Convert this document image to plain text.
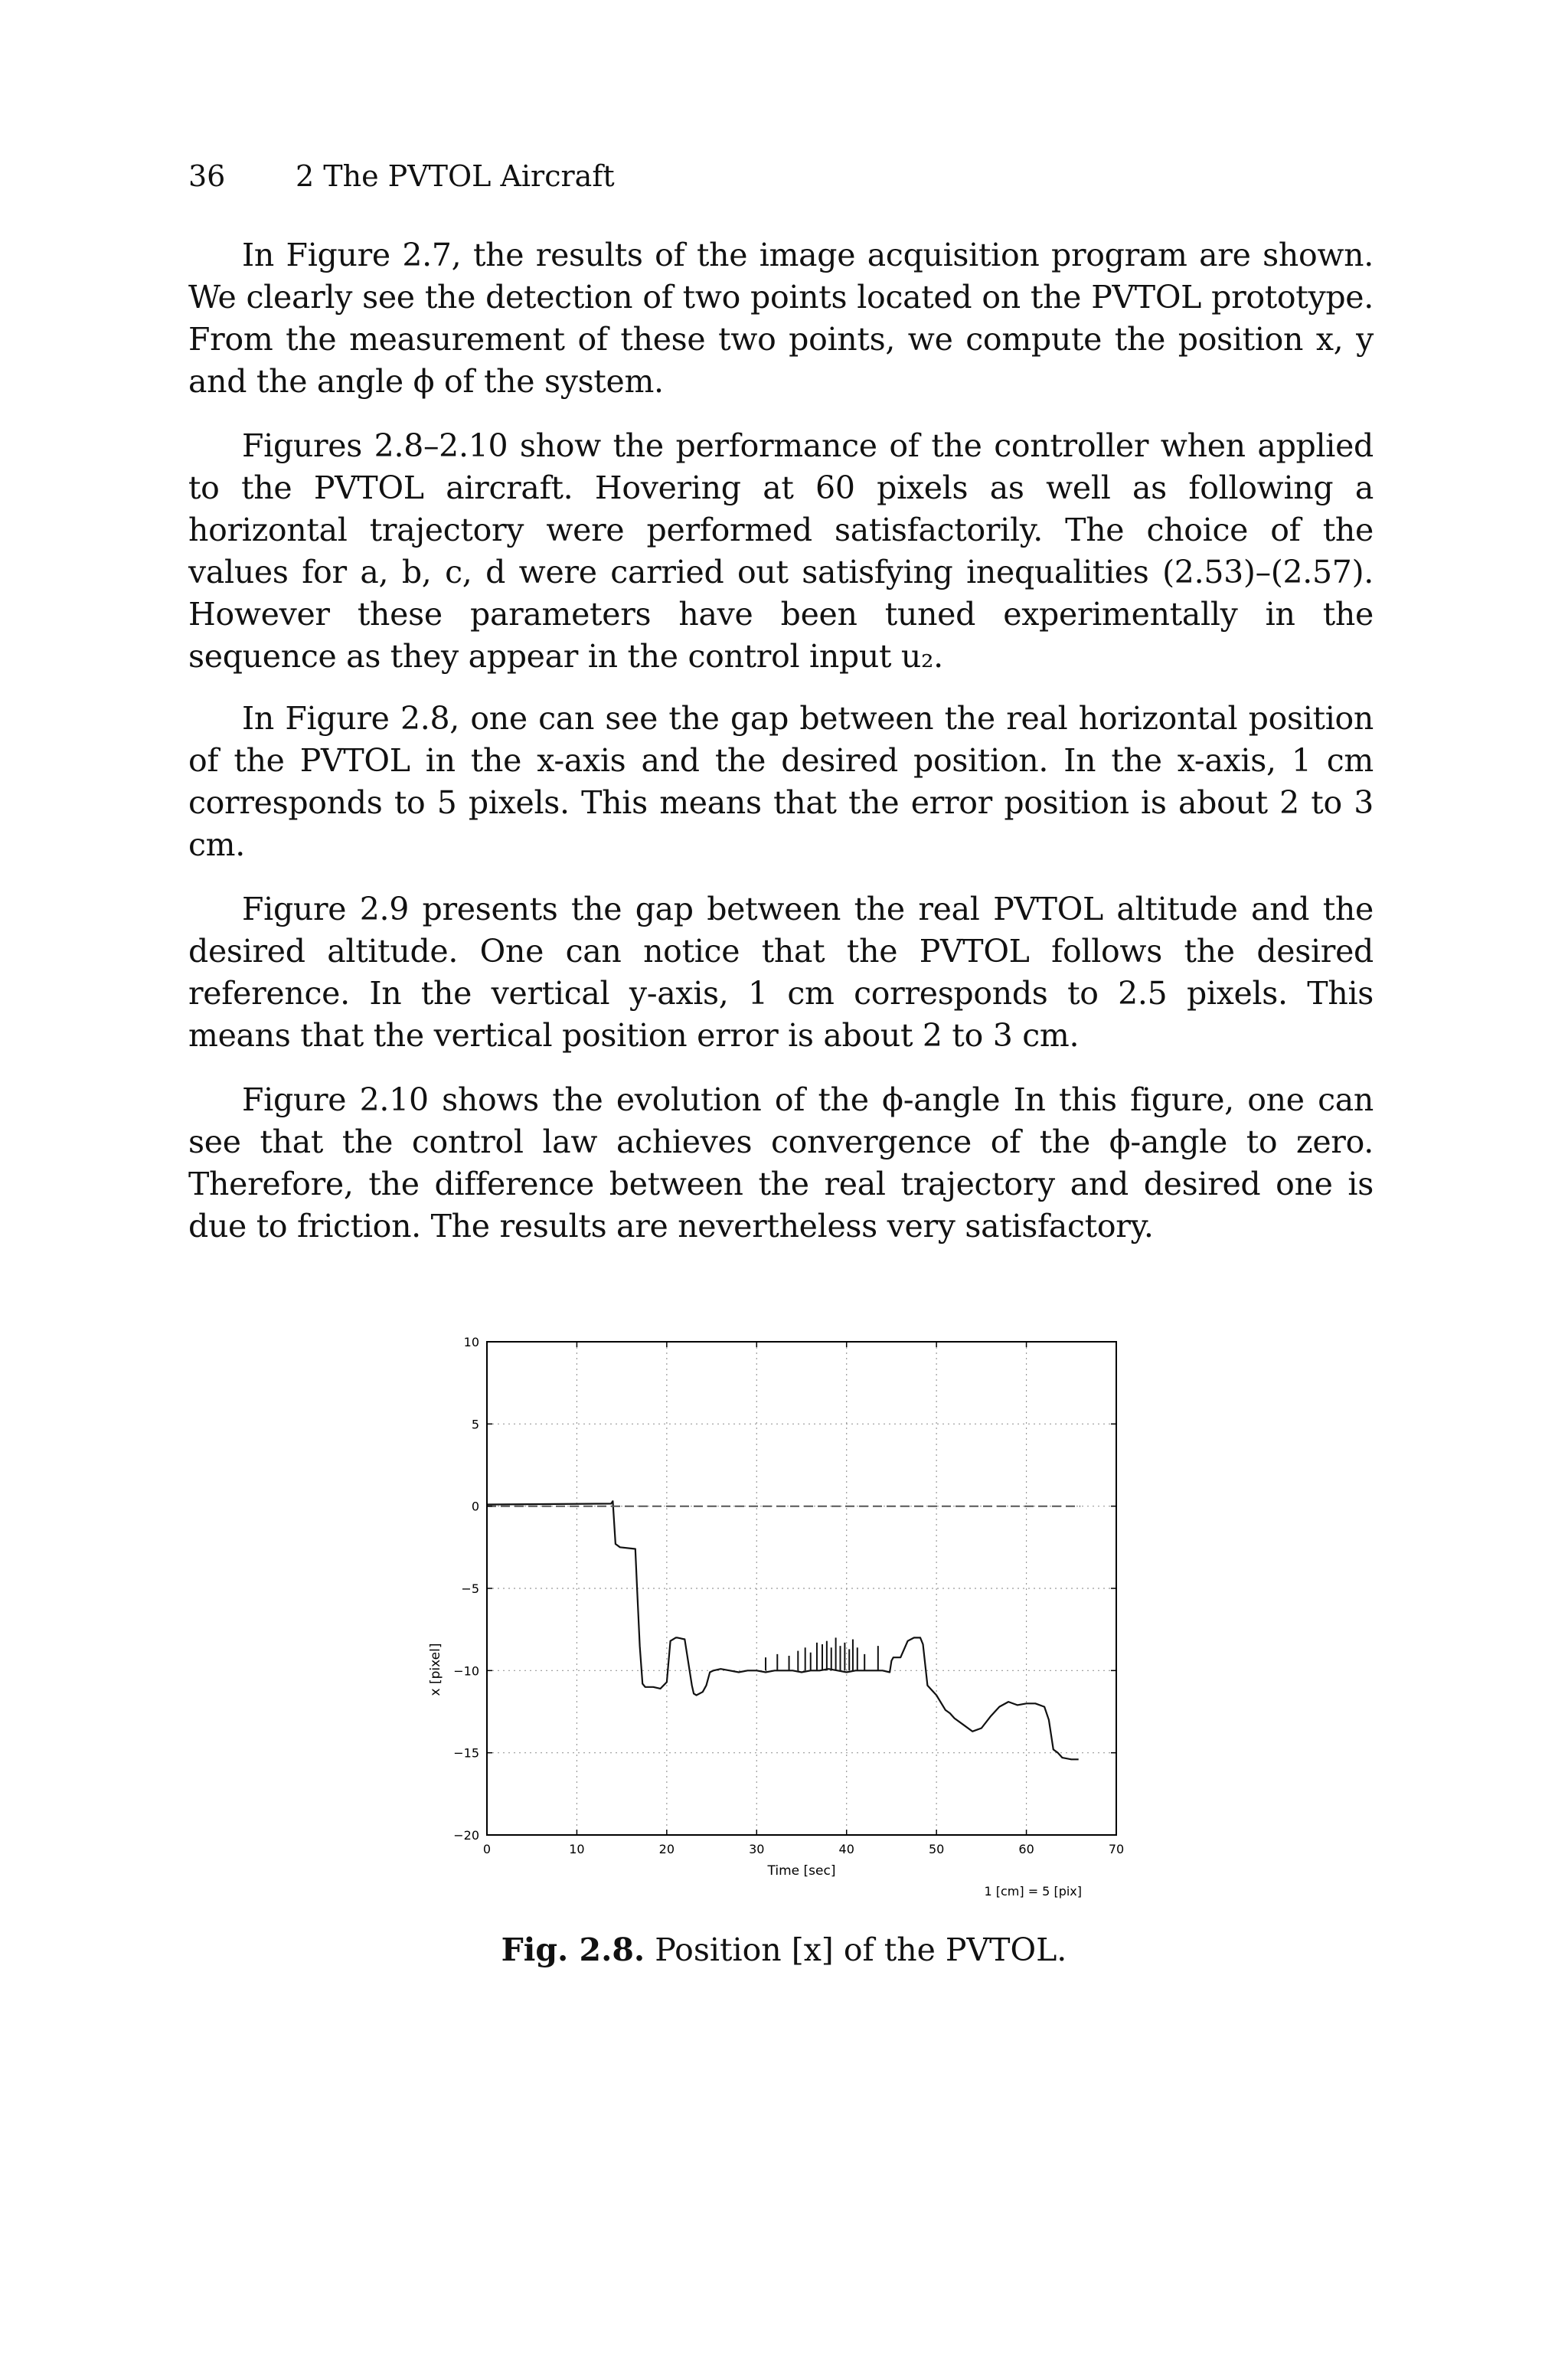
36 2 The PVTOL Aircraft

In Figure 2.7, the results of the image acquisition program are shown. We clearly see the detection of two points located on the PVTOL prototype. From the measurement of these two points, we compute the position x, y and the angle ϕ of the system.

Figures 2.8–2.10 show the performance of the controller when applied to the PVTOL aircraft. Hovering at 60 pixels as well as following a horizontal trajectory were performed satisfactorily. The choice of the values for a, b, c, d were carried out satisfying inequalities (2.53)–(2.57). However these parameters have been tuned experimentally in the sequence as they appear in the control input u₂.

In Figure 2.8, one can see the gap between the real horizontal position of the PVTOL in the x-axis and the desired position. In the x-axis, 1 cm corresponds to 5 pixels. This means that the error position is about 2 to 3 cm.

Figure 2.9 presents the gap between the real PVTOL altitude and the desired altitude. One can notice that the PVTOL follows the desired reference. In the vertical y-axis, 1 cm corresponds to 2.5 pixels. This means that the vertical position error is about 2 to 3 cm.

Figure 2.10 shows the evolution of the ϕ-angle In this figure, one can see that the control law achieves convergence of the ϕ-angle to zero. Therefore, the difference between the real trajectory and desired one is due to friction. The results are nevertheless very satisfactory.

0	10	20	30	40	50	60	70
10
5
0
−5
−10
−15
−20
Time [sec]
x [pixel]
1 [cm] = 5 [pix]
Fig. 2.8. Position [x] of the PVTOL.
